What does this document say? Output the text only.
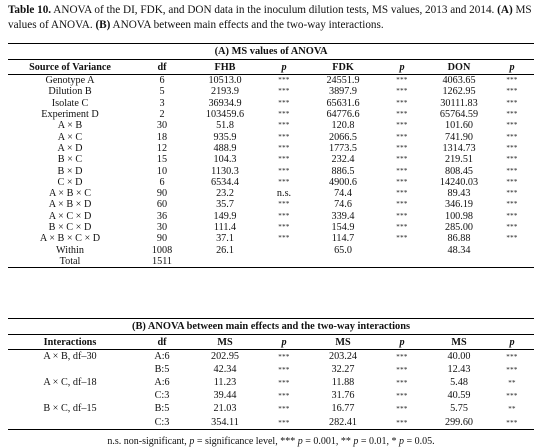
Table 10. ANOVA of the DI, FDK, and DON data in the inoculum dilution tests, MS values, 2013 and 2014. (A) MS values of ANOVA. (B) ANOVA between main effects and the two-way interactions.
(A) MS values of ANOVA							
Source of Variance	df	FHB	p	FDK	p	DON	p
Genotype A	6	10513.0	***	24551.9	***	4063.65	***
Dilution B	5	2193.9	***	3897.9	***	1262.95	***
Isolate C	3	36934.9	***	65631.6	***	30111.83	***
Experiment D	2	103459.6	***	64776.6	***	65764.59	***
A × B	30	51.8	***	120.8	***	101.60	***
A × C	18	935.9	***	2066.5	***	741.90	***
A × D	12	488.9	***	1773.5	***	1314.73	***
B × C	15	104.3	***	232.4	***	219.51	***
B × D	10	1130.3	***	886.5	***	808.45	***
C × D	6	6534.4	***	4900.6	***	14240.03	***
A × B × C	90	23.2	n.s.	74.4	***	89.43	***
A × B × D	60	35.7	***	74.6	***	346.19	***
A × C × D	36	149.9	***	339.4	***	100.98	***
B × C × D	30	111.4	***	154.9	***	285.00	***
A × B × C × D	90	37.1	***	114.7	***	86.88	***
Within	1008	26.1		65.0		48.34	
Total	1511						
(B) ANOVA between main effects and the two-way interactions							
Interactions	df	MS	p	MS	p	MS	p
A × B, df–30	A:6	202.95	***	203.24	***	40.00	***
	B:5	42.34	***	32.27	***	12.43	***
A × C, df–18	A:6	11.23	***	11.88	***	5.48	**
	C:3	39.44	***	31.76	***	40.59	***
B × C, df–15	B:5	21.03	***	16.77	***	5.75	**
	C:3	354.11	***	282.41	***	299.60	***
n.s. non-significant, p = significance level, *** p = 0.001, ** p = 0.01, * p = 0.05.
